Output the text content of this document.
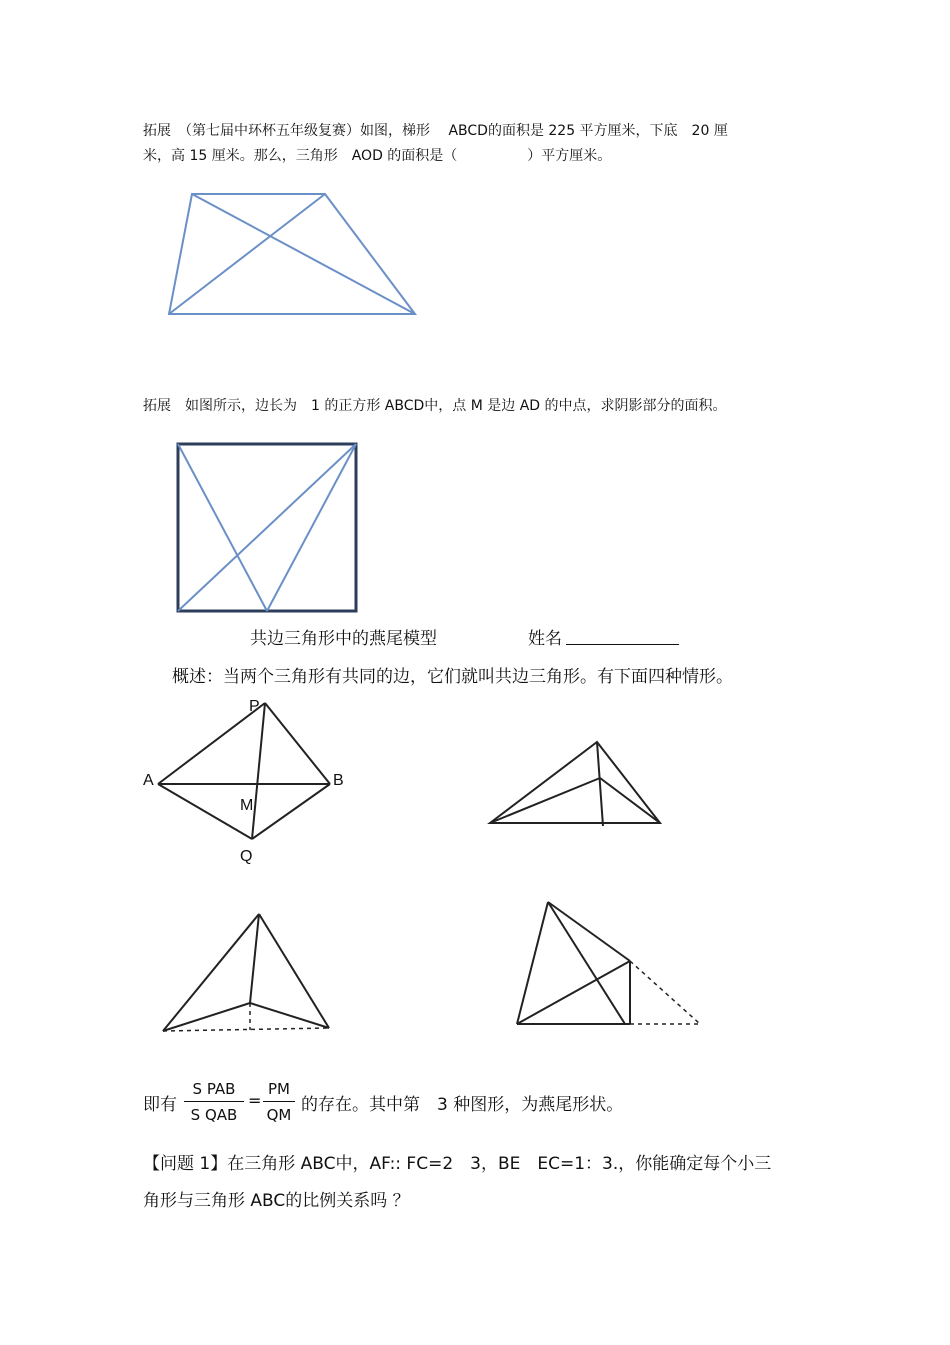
拓展　（第七届中环杯五年级复赛）如图，梯形　 ABCD的面积是 225 平方厘米，下底　20 厘
米，高 15 厘米。那么，三角形　AOD 的面积是（　　　　　）平方厘米。
拓展　如图所示，边长为　1 的正方形 ABCD中，点 M 是边 AD 的中点，求阴影部分的面积。
共边三角形中的燕尾模型	姓名
概述：当两个三角形有共同的边，它们就叫共边三角形。有下面四种情形。
即有
S PAB
S QAB
=
PM
QM 的存在。其中第　3 种图形，为燕尾形状。
【问题 1】在三角形 ABC中，AF:: FC=2　3，BE　EC=1：3.，你能确定每个小三
角形与三角形 ABC的比例关系吗 ？
P
A	B
M
Q
